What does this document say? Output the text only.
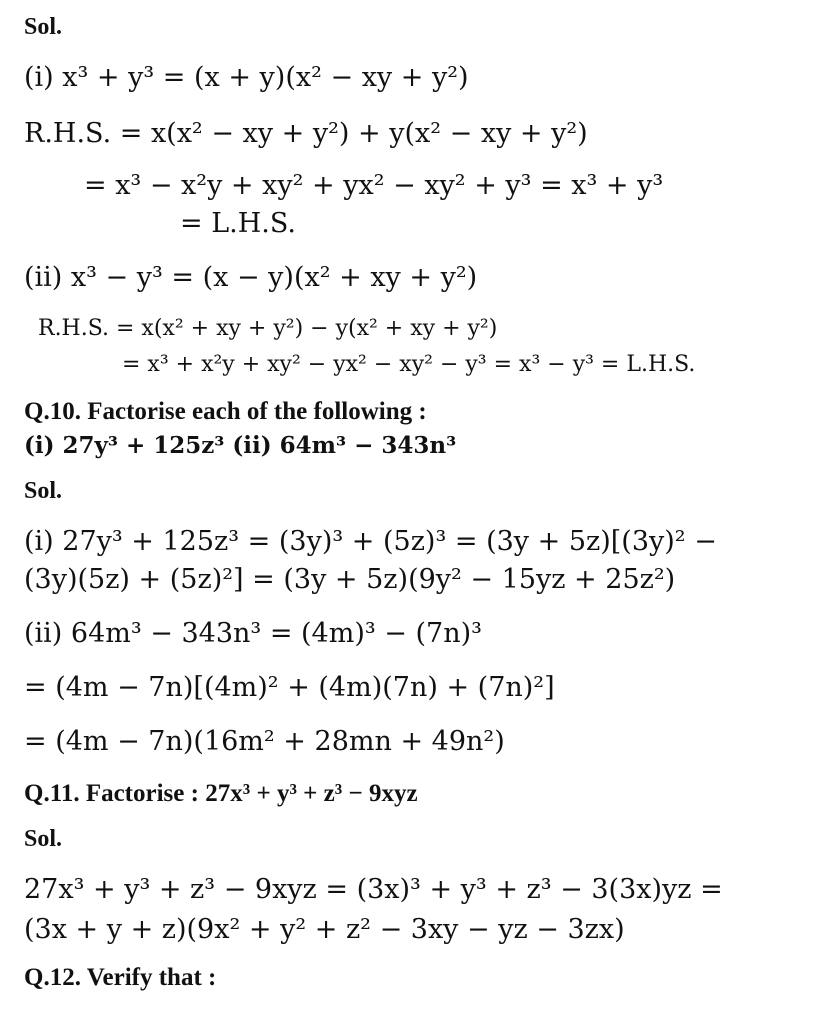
Sol.
(i) x³ + y³ = (x + y)(x² − xy + y²)
R.H.S. = x(x² − xy + y²) + y(x² − xy + y²)
= x³ − x²y + xy² + yx² − xy² + y³ = x³ + y³
= L.H.S.
(ii) x³ − y³ = (x − y)(x² + xy + y²)
R.H.S. = x(x² + xy + y²) − y(x² + xy + y²)
= x³ + x²y + xy² − yx² − xy² − y³ = x³ − y³ = L.H.S.
Q.10. Factorise each of the following :
(i) 27y³ + 125z³ (ii) 64m³ − 343n³
Sol.
(i) 27y³ + 125z³ = (3y)³ + (5z)³ = (3y + 5z)[(3y)² −
(3y)(5z) + (5z)²] = (3y + 5z)(9y² − 15yz + 25z²)
(ii) 64m³ − 343n³ = (4m)³ − (7n)³
= (4m − 7n)[(4m)² + (4m)(7n) + (7n)²]
= (4m − 7n)(16m² + 28mn + 49n²)
Q.11. Factorise : 27x³ + y³ + z³ − 9xyz
Sol.
27x³ + y³ + z³ − 9xyz = (3x)³ + y³ + z³ − 3(3x)yz =
(3x + y + z)(9x² + y² + z² − 3xy − yz − 3zx)
Q.12. Verify that :
